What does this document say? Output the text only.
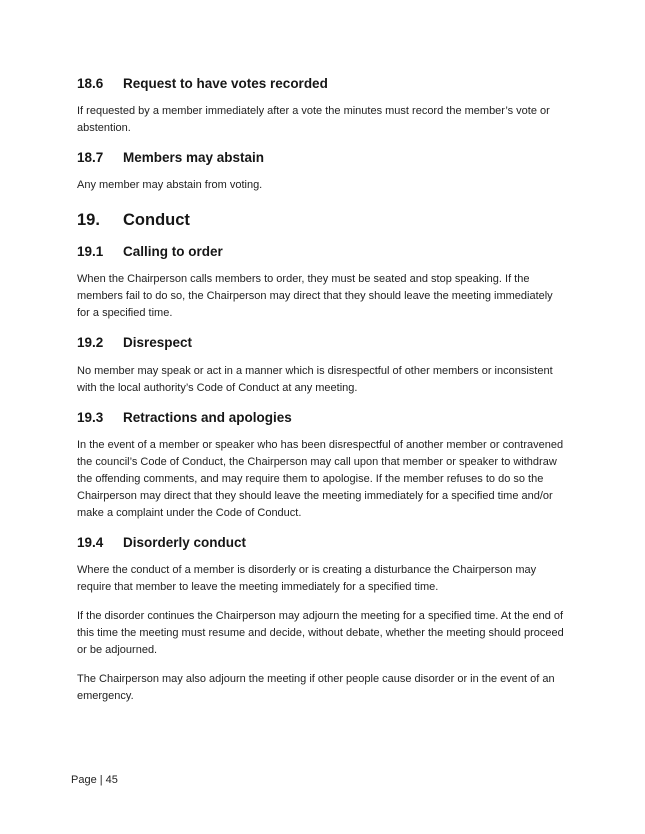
18.6 Request to have votes recorded

If requested by a member immediately after a vote the minutes must record the member’s vote or abstention.

18.7 Members may abstain

Any member may abstain from voting.

19. Conduct
19.1 Calling to order

When the Chairperson calls members to order, they must be seated and stop speaking. If the members fail to do so, the Chairperson may direct that they should leave the meeting immediately for a specified time.

19.2 Disrespect

No member may speak or act in a manner which is disrespectful of other members or inconsistent with the local authority’s Code of Conduct at any meeting.

19.3 Retractions and apologies

In the event of a member or speaker who has been disrespectful of another member or contravened the council’s Code of Conduct, the Chairperson may call upon that member or speaker to withdraw the offending comments, and may require them to apologise. If the member refuses to do so the Chairperson may direct that they should leave the meeting immediately for a specified time and/or make a complaint under the Code of Conduct.

19.4 Disorderly conduct

Where the conduct of a member is disorderly or is creating a disturbance the Chairperson may require that member to leave the meeting immediately for a specified time.

If the disorder continues the Chairperson may adjourn the meeting for a specified time. At the end of this time the meeting must resume and decide, without debate, whether the meeting should proceed or be adjourned.

The Chairperson may also adjourn the meeting if other people cause disorder or in the event of an emergency.

Page | 45
